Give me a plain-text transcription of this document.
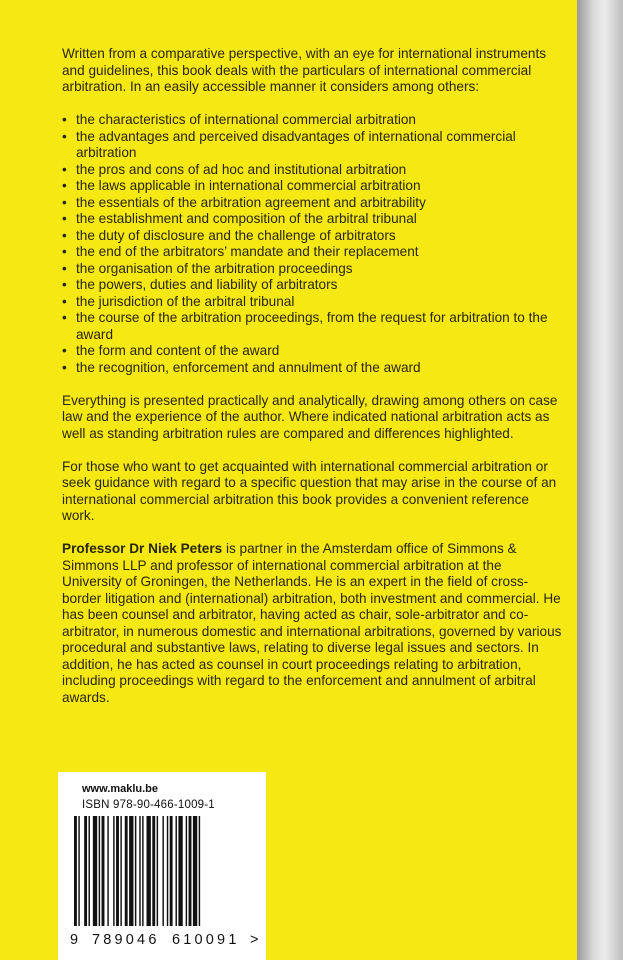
Written from a comparative perspective, with an eye for international instruments and guidelines, this book deals with the particulars of international commercial arbitration. In an easily accessible manner it considers among others:

• the characteristics of international commercial arbitration
• the advantages and perceived disadvantages of international commercial arbitration
• the pros and cons of ad hoc and institutional arbitration
• the laws applicable in international commercial arbitration
• the essentials of the arbitration agreement and arbitrability
• the establishment and composition of the arbitral tribunal
• the duty of disclosure and the challenge of arbitrators
• the end of the arbitrators’ mandate and their replacement
• the organisation of the arbitration proceedings
• the powers, duties and liability of arbitrators
• the jurisdiction of the arbitral tribunal
• the course of the arbitration proceedings, from the request for arbitration to the award
• the form and content of the award
• the recognition, enforcement and annulment of the award

Everything is presented practically and analytically, drawing among others on case law and the experience of the author. Where indicated national arbitration acts as well as standing arbitration rules are compared and differences highlighted.

For those who want to get acquainted with international commercial arbitration or seek guidance with regard to a specific question that may arise in the course of an international commercial arbitration this book provides a convenient reference work.

Professor Dr Niek Peters is partner in the Amsterdam office of Simmons & Simmons LLP and professor of international commercial arbitration at the University of Groningen, the Netherlands. He is an expert in the field of cross-border litigation and (international) arbitration, both investment and commercial. He has been counsel and arbitrator, having acted as chair, sole-arbitrator and co-arbitrator, in numerous domestic and international arbitrations, governed by various procedural and substantive laws, relating to diverse legal issues and sectors. In addition, he has acted as counsel in court proceedings relating to arbitration, including proceedings with regard to the enforcement and annulment of arbitral awards.

www.maklu.be
ISBN 978-90-466-1009-1
9 789046 610091 >
